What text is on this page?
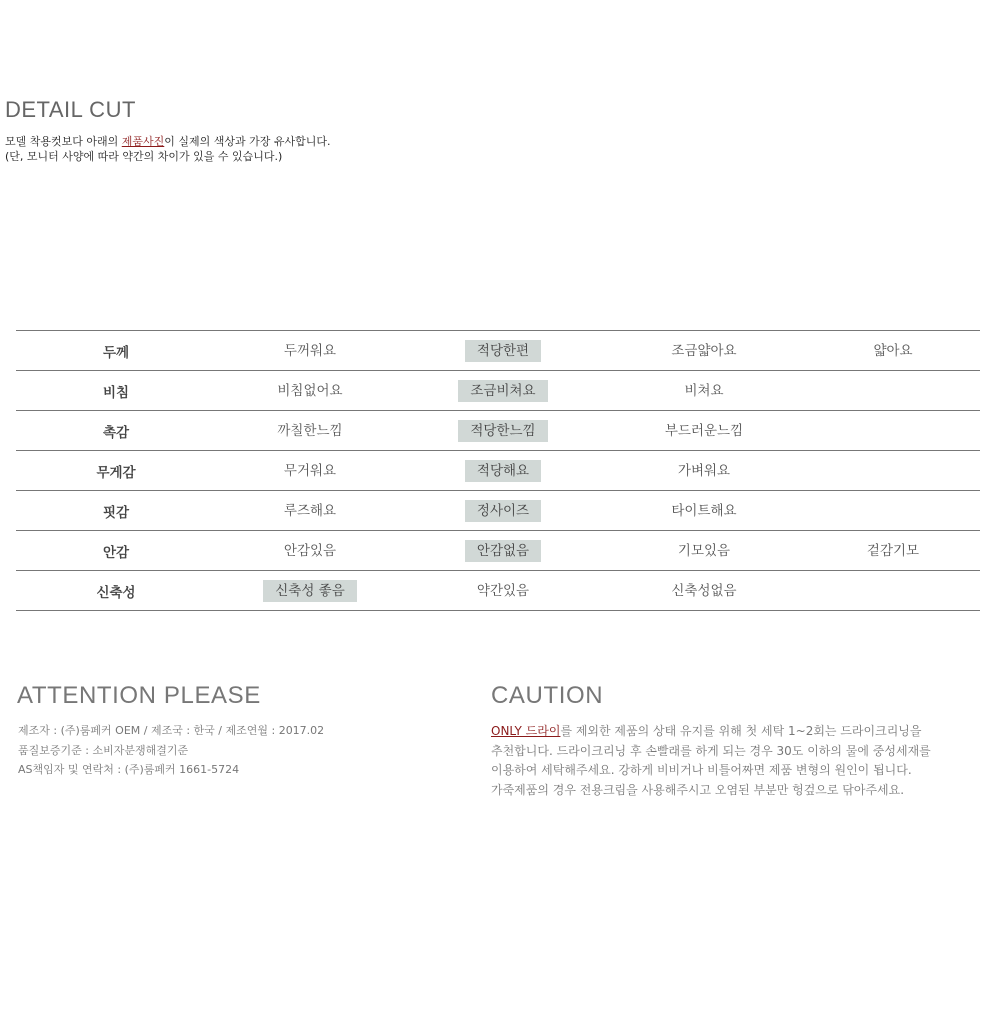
DETAIL CUT

모델 착용컷보다 아래의 제품사진이 실제의 색상과 가장 유사합니다.

(단, 모니터 사양에 따라 약간의 차이가 있을 수 있습니다.)

두께	두꺼워요	적당한편	조금얇아요	얇아요
비침	비침없어요	조금비쳐요	비쳐요	
촉감	까칠한느낌	적당한느낌	부드러운느낌	
무게감	무거워요	적당해요	가벼워요	
핏감	루즈해요	정사이즈	타이트해요	
안감	안감있음	안감없음	기모있음	겉감기모
신축성	신축성 좋음	약간있음	신축성없음	
ATTENTION PLEASE

제조자 : (주)룸페커 OEM / 제조국 : 한국 / 제조연월 : 2017.02

품질보증기준 : 소비자분쟁해결기준

AS책임자 및 연락처 : (주)룸페커 1661-5724

CAUTION

ONLY 드라이를 제외한 제품의 상태 유지를 위해 첫 세탁 1~2회는 드라이크리닝을

추천합니다. 드라이크리닝 후 손빨래를 하게 되는 경우 30도 이하의 물에 중성세재를

이용하여 세탁해주세요. 강하게 비비거나 비틀어짜면 제품 변형의 원인이 됩니다.

가죽제품의 경우 전용크림을 사용해주시고 오염된 부분만 헝겊으로 닦아주세요.
